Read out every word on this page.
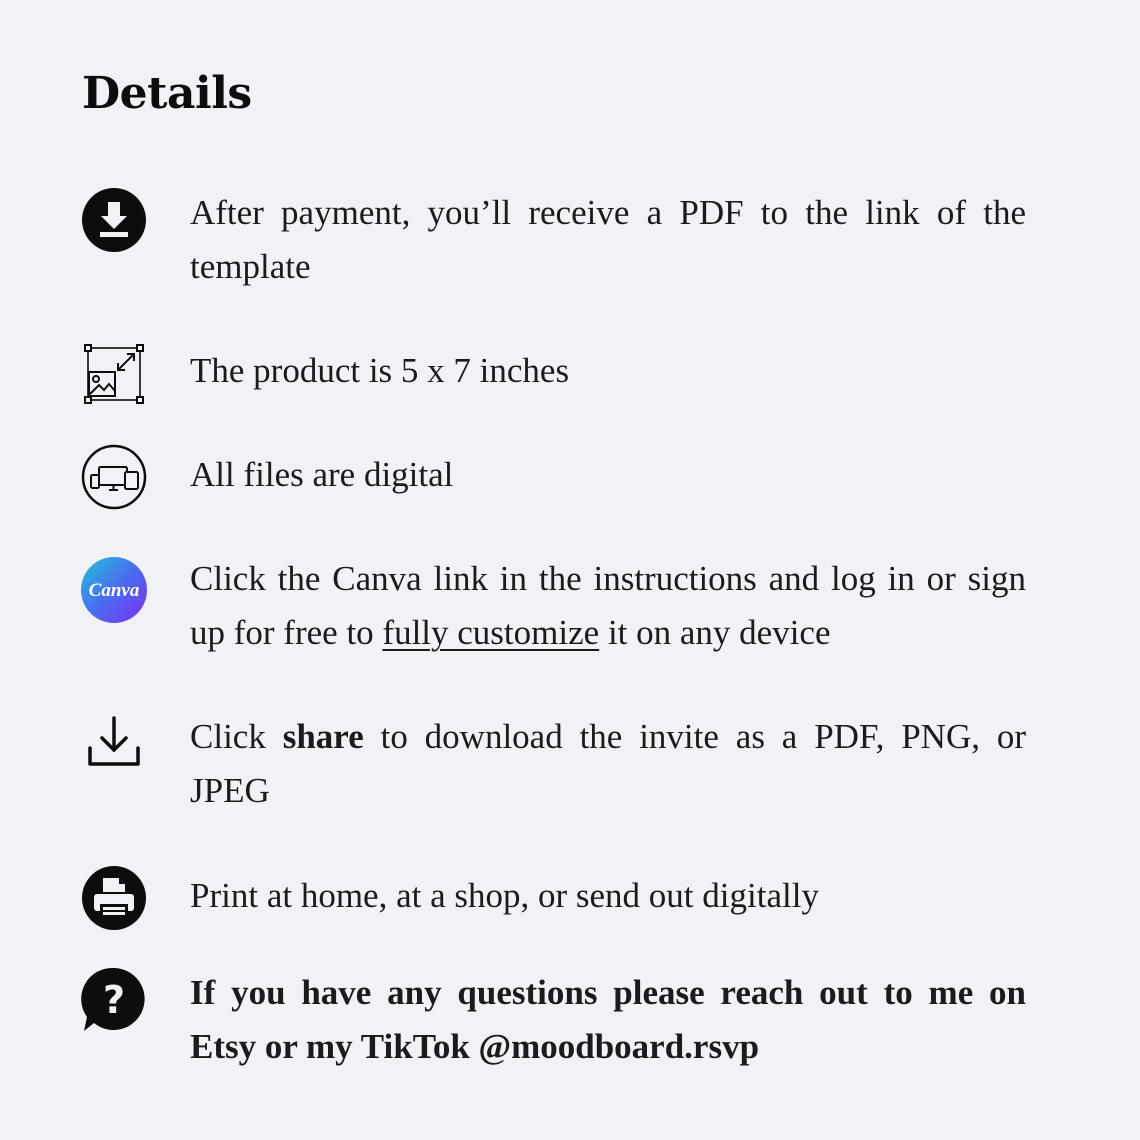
Details

After payment, you’ll receive a PDF to the link of the template

The product is 5 x 7 inches

All files are digital

Canva Click the Canva link in the instructions and log in or sign up for free to fully customize it on any device

Click share to download the invite as a PDF, PNG, or JPEG

Print at home, at a shop, or send out digitally

? If you have any questions please reach out to me on Etsy or my TikTok @moodboard.rsvp
